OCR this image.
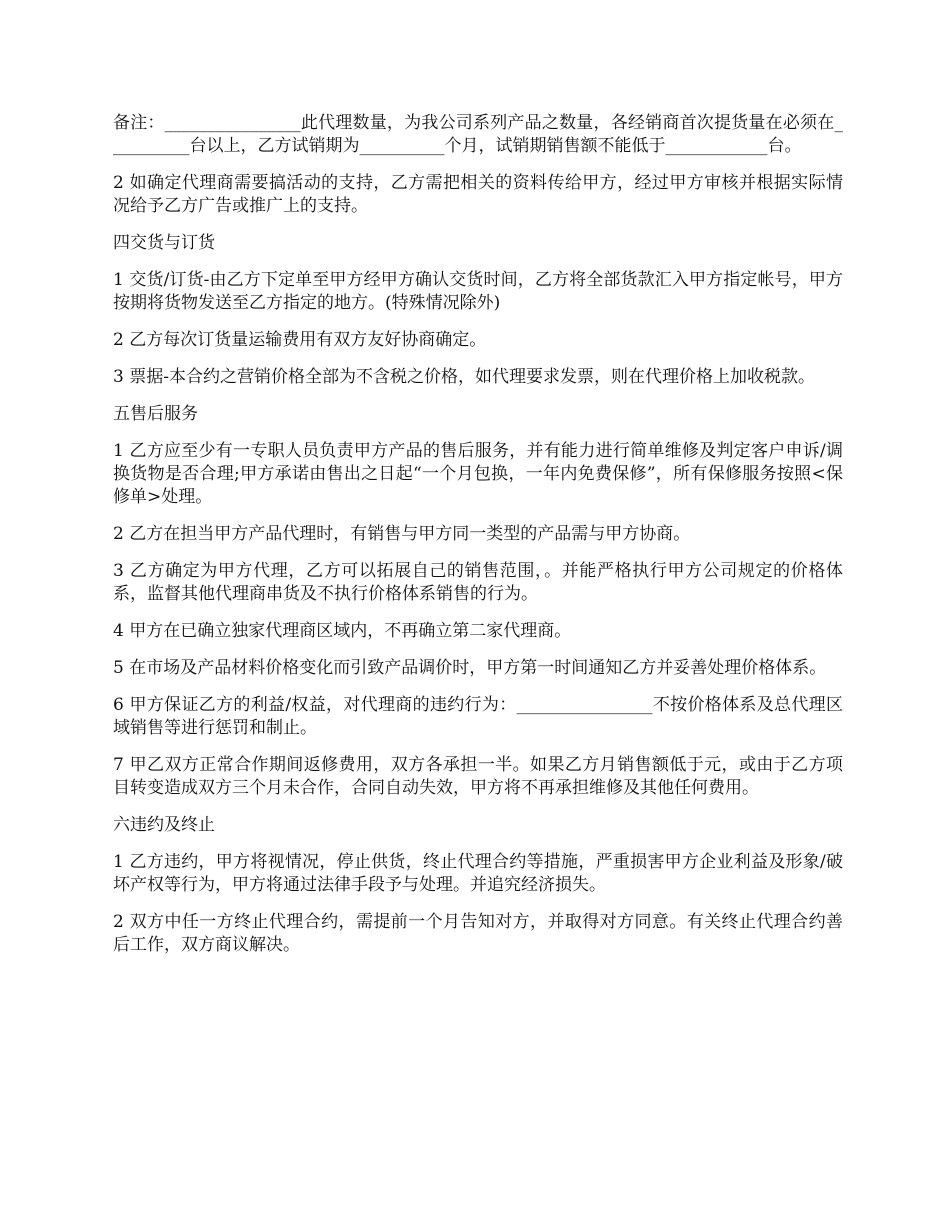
备注：________________此代理数量，为我公司系列产品之数量，各经销商首次提货量在必须在__________台以上，乙方试销期为__________个月，试销期销售额不能低于____________台。

2 如确定代理商需要搞活动的支持，乙方需把相关的资料传给甲方，经过甲方审核并根据实际情况给予乙方广告或推广上的支持。

四交货与订货

1 交货/订货-由乙方下定单至甲方经甲方确认交货时间，乙方将全部货款汇入甲方指定帐号，甲方按期将货物发送至乙方指定的地方。(特殊情况除外)

2 乙方每次订货量运输费用有双方友好协商确定。

3 票据-本合约之营销价格全部为不含税之价格，如代理要求发票，则在代理价格上加收税款。

五售后服务

1 乙方应至少有一专职人员负责甲方产品的售后服务，并有能力进行简单维修及判定客户申诉/调换货物是否合理;甲方承诺由售出之日起“一个月包换，一年内免费保修”，所有保修服务按照<保修单>处理。

2 乙方在担当甲方产品代理时，有销售与甲方同一类型的产品需与甲方协商。

3 乙方确定为甲方代理，乙方可以拓展自己的销售范围，。并能严格执行甲方公司规定的价格体系，监督其他代理商串货及不执行价格体系销售的行为。

4 甲方在已确立独家代理商区域内，不再确立第二家代理商。

5 在市场及产品材料价格变化而引致产品调价时，甲方第一时间通知乙方并妥善处理价格体系。

6 甲方保证乙方的利益/权益，对代理商的违约行为：________________不按价格体系及总代理区域销售等进行惩罚和制止。

7 甲乙双方正常合作期间返修费用，双方各承担一半。如果乙方月销售额低于元，或由于乙方项目转变造成双方三个月未合作，合同自动失效，甲方将不再承担维修及其他任何费用。

六违约及终止

1 乙方违约，甲方将视情况，停止供货，终止代理合约等措施，严重损害甲方企业利益及形象/破坏产权等行为，甲方将通过法律手段予与处理。并追究经济损失。

2 双方中任一方终止代理合约，需提前一个月告知对方，并取得对方同意。有关终止代理合约善后工作，双方商议解决。
